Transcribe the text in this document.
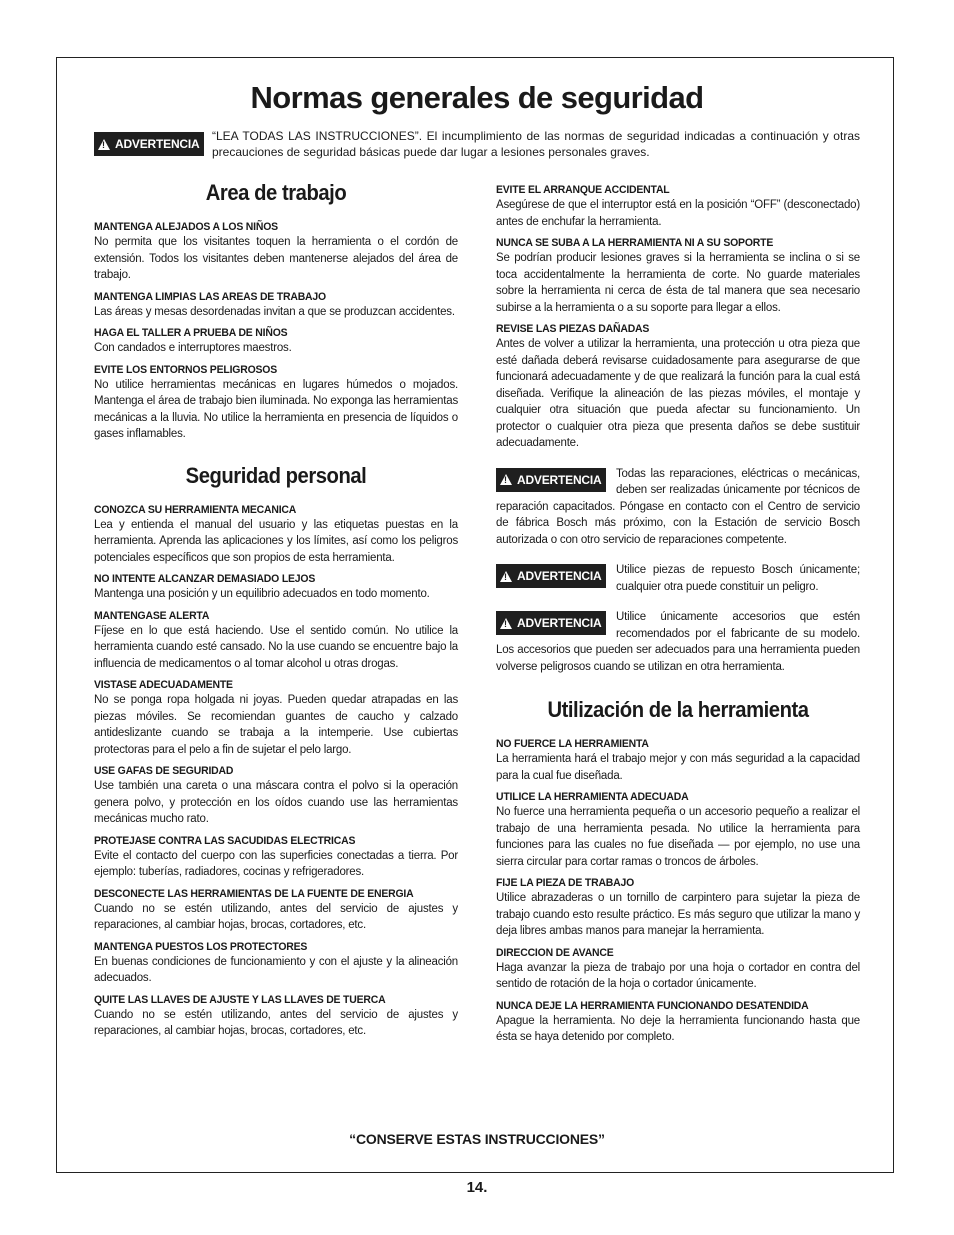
Normas generales de seguridad
!
ADVERTENCIA
“LEA TODAS LAS INSTRUCCIONES”. El incumplimiento de las normas de seguridad indicadas a continuación y otras precauciones de seguridad básicas puede dar lugar a lesiones personales graves.
Area de trabajo
MANTENGA ALEJADOS A LOS NIÑOS
No permita que los visitantes toquen la herramienta o el cordón de extensión. Todos los visitantes deben mantenerse alejados del área de trabajo.
MANTENGA LIMPIAS LAS AREAS DE TRABAJO
Las áreas y mesas desordenadas invitan a que se produzcan accidentes.
HAGA EL TALLER A PRUEBA DE NIÑOS
Con candados e interruptores maestros.
EVITE LOS ENTORNOS PELIGROSOS
No utilice herramientas mecánicas en lugares húmedos o mojados. Mantenga el área de trabajo bien iluminada. No exponga las herramientas mecánicas a la lluvia. No utilice la herramienta en presencia de líquidos o gases inflamables.
Seguridad personal
CONOZCA SU HERRAMIENTA MECANICA
Lea y entienda el manual del usuario y las etiquetas puestas en la herramienta. Aprenda las aplicaciones y los límites, así como los peligros potenciales específicos que son propios de esta herramienta.
NO INTENTE ALCANZAR DEMASIADO LEJOS
Mantenga una posición y un equilibrio adecuados en todo momento.
MANTENGASE ALERTA
Fíjese en lo que está haciendo. Use el sentido común. No utilice la herramienta cuando esté cansado. No la use cuando se encuentre bajo la influencia de medicamentos o al tomar alcohol u otras drogas.
VISTASE ADECUADAMENTE
No se ponga ropa holgada ni joyas. Pueden quedar atrapadas en las piezas móviles. Se recomiendan guantes de caucho y calzado antideslizante cuando se trabaja a la intemperie. Use cubiertas protectoras para el pelo a fin de sujetar el pelo largo.
USE GAFAS DE SEGURIDAD
Use también una careta o una máscara contra el polvo si la operación genera polvo, y protección en los oídos cuando use las herramientas mecánicas mucho rato.
PROTEJASE CONTRA LAS SACUDIDAS ELECTRICAS
Evite el contacto del cuerpo con las superficies conectadas a tierra. Por ejemplo: tuberías, radiadores, cocinas y refrigeradores.
DESCONECTE LAS HERRAMIENTAS DE LA FUENTE DE ENERGIA
Cuando no se estén utilizando, antes del servicio de ajustes y reparaciones, al cambiar hojas, brocas, cortadores, etc.
MANTENGA PUESTOS LOS PROTECTORES
En buenas condiciones de funcionamiento y con el ajuste y la alineación adecuados.
QUITE LAS LLAVES DE AJUSTE Y LAS LLAVES DE TUERCA
Cuando no se estén utilizando, antes del servicio de ajustes y reparaciones, al cambiar hojas, brocas, cortadores, etc.
EVITE EL ARRANQUE ACCIDENTAL
Asegúrese de que el interruptor está en la posición “OFF” (desconectado) antes de enchufar la herramienta.
NUNCA SE SUBA A LA HERRAMIENTA NI A SU SOPORTE
Se podrían producir lesiones graves si la herramienta se inclina o si se toca accidentalmente la herramienta de corte. No guarde materiales sobre la herramienta ni cerca de ésta de tal manera que sea necesario subirse a la herramienta o a su soporte para llegar a ellos.
REVISE LAS PIEZAS DAÑADAS
Antes de volver a utilizar la herramienta, una protección u otra pieza que esté dañada deberá revisarse cuidadosamente para asegurarse de que funcionará adecuadamente y de que realizará la función para la cual está diseñada. Verifique la alineación de las piezas móviles, el montaje y cualquier otra situación que pueda afectar su funcionamiento. Un protector o cualquier otra pieza que presenta daños se debe sustituir adecuadamente.
!
ADVERTENCIA	Todas las reparaciones, eléctricas o mecánicas, deben ser realizadas únicamente por técnicos de reparación capacitados. Póngase en contacto con el Centro de servicio de fábrica Bosch más próximo, con la Estación de servicio Bosch autorizada o con otro servicio de reparaciones competente.
!
ADVERTENCIA	Utilice piezas de repuesto Bosch únicamente; cualquier otra puede constituir un peligro.
!
ADVERTENCIA	Utilice únicamente accesorios que estén recomendados por el fabricante de su modelo. Los accesorios que pueden ser adecuados para una herramienta pueden volverse peligrosos cuando se utilizan en otra herramienta.
Utilización de la herramienta
NO FUERCE LA HERRAMIENTA
La herramienta hará el trabajo mejor y con más seguridad a la capacidad para la cual fue diseñada.
UTILICE LA HERRAMIENTA ADECUADA
No fuerce una herramienta pequeña o un accesorio pequeño a realizar el trabajo de una herramienta pesada. No utilice la herramienta para funciones para las cuales no fue diseñada — por ejemplo, no use una sierra circular para cortar ramas o troncos de árboles.
FIJE LA PIEZA DE TRABAJO
Utilice abrazaderas o un tornillo de carpintero para sujetar la pieza de trabajo cuando esto resulte práctico. Es más seguro que utilizar la mano y deja libres ambas manos para manejar la herramienta.
DIRECCION DE AVANCE
Haga avanzar la pieza de trabajo por una hoja o cortador en contra del sentido de rotación de la hoja o cortador únicamente.
NUNCA DEJE LA HERRAMIENTA FUNCIONANDO DESATENDIDA
Apague la herramienta. No deje la herramienta funcionando hasta que ésta se haya detenido por completo.
“CONSERVE ESTAS INSTRUCCIONES”
14.
